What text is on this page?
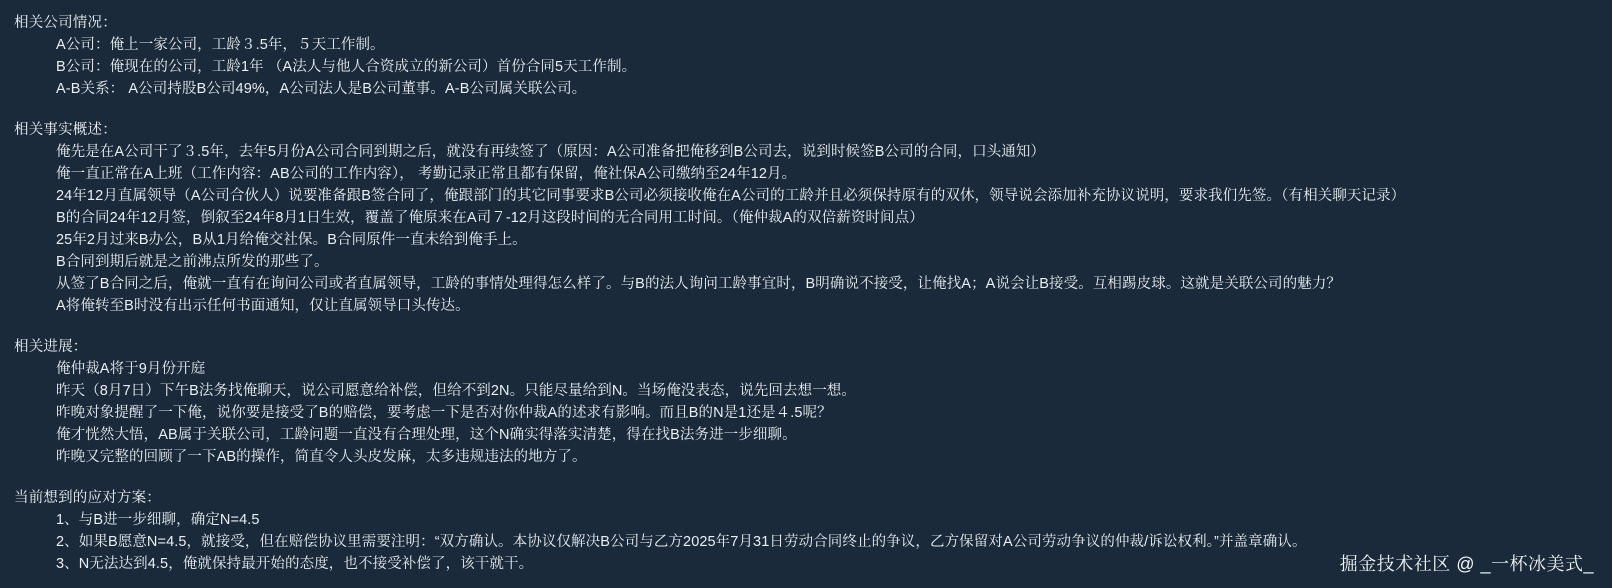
相关公司情况：
A公司：俺上一家公司，工龄３.5年，５天工作制。
B公司：俺现在的公司，工龄1年 （A法人与他人合资成立的新公司）首份合同5天工作制。
A‑B关系： A公司持股B公司49%，A公司法人是B公司董事。A‑B公司属关联公司。
相关事实概述：
俺先是在A公司干了３.5年，去年5月份A公司合同到期之后，就没有再续签了（原因：A公司准备把俺移到B公司去，说到时候签B公司的合同，口头通知）
俺一直正常在A上班（工作内容：AB公司的工作内容）， 考勤记录正常且都有保留，俺社保A公司缴纳至24年12月。
24年12月直属领导（A公司合伙人）说要准备跟B签合同了，俺跟部门的其它同事要求B公司必须接收俺在A公司的工龄并且必须保持原有的双休，领导说会添加补充协议说明，要求我们先签。（有相关聊天记录）
B的合同24年12月签，倒叙至24年8月1日生效，覆盖了俺原来在A司７‑12月这段时间的无合同用工时间。（俺仲裁A的双倍薪资时间点）
25年2月过来B办公，B从1月给俺交社保。B合同原件一直未给到俺手上。
B合同到期后就是之前沸点所发的那些了。
从签了B合同之后，俺就一直有在询问公司或者直属领导，工龄的事情处理得怎么样了。与B的法人询问工龄事宜时，B明确说不接受，让俺找A；A说会让B接受。互相踢皮球。这就是关联公司的魅力？
A将俺转至B时没有出示任何书面通知，仅让直属领导口头传达。
相关进展：
俺仲裁A将于9月份开庭
昨天（8月7日）下午B法务找俺聊天，说公司愿意给补偿，但给不到2N。只能尽量给到N。当场俺没表态，说先回去想一想。
昨晚对象提醒了一下俺，说你要是接受了B的赔偿，要考虑一下是否对你仲裁A的述求有影响。而且B的N是1还是４.5呢？
俺才恍然大悟，AB属于关联公司，工龄问题一直没有合理处理，这个N确实得落实清楚，得在找B法务进一步细聊。
昨晚又完整的回顾了一下AB的操作，简直令人头皮发麻，太多违规违法的地方了。
当前想到的应对方案：
1、与B进一步细聊，确定N=4.5
2、如果B愿意N=4.5，就接受，但在赔偿协议里需要注明：“双方确认。本协议仅解决B公司与乙方2025年7月31日劳动合同终止的争议，乙方保留对A公司劳动争议的仲裁/诉讼权利。”并盖章确认。
3、N无法达到4.5，俺就保持最开始的态度，也不接受补偿了，该干就干。	掘金技术社区 @ _一杯冰美式_
